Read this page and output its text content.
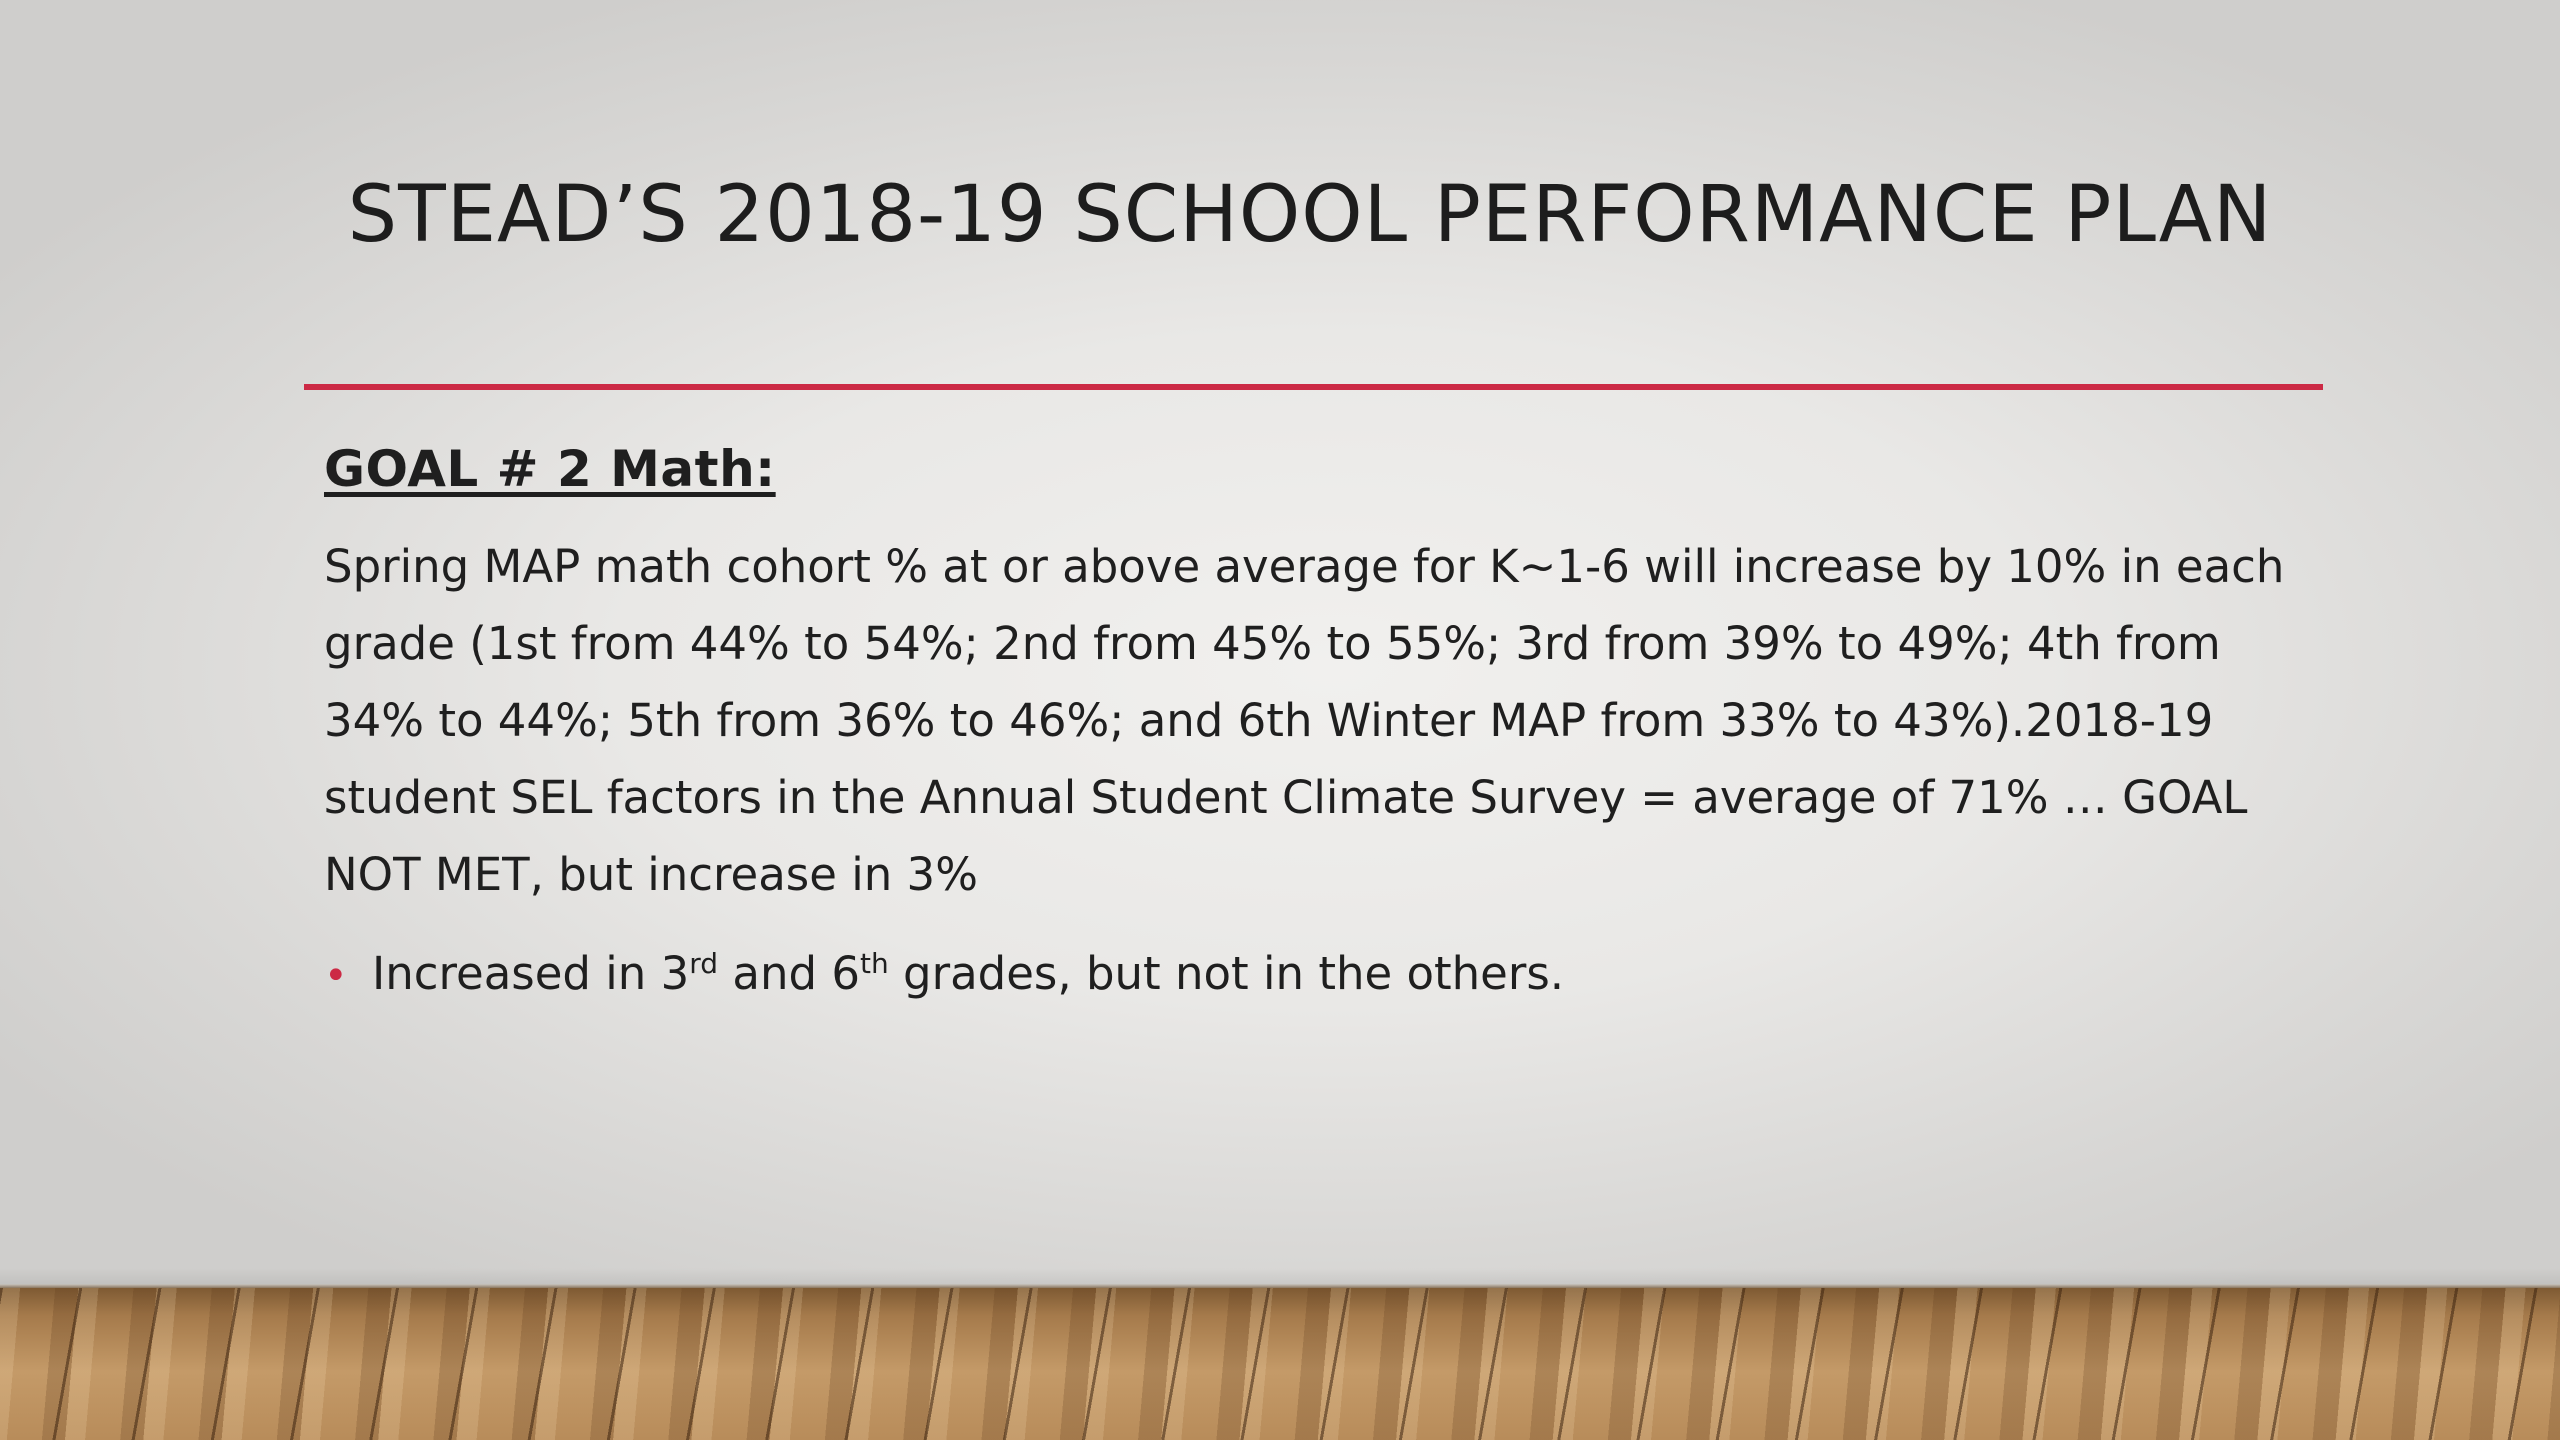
STEAD’S 2018-19 SCHOOL PERFORMANCE PLAN
GOAL # 2 Math:
Spring MAP math cohort % at or above average for K~1-6 will increase by 10% in each grade (1st from 44% to 54%; 2nd from 45% to 55%; 3rd from 39% to 49%; 4th from 34% to 44%; 5th from 36% to 46%; and 6th Winter MAP from 33% to 43%).2018-19 student SEL factors in the Annual Student Climate Survey = average of 71% … GOAL NOT MET, but increase in 3%
• Increased in 3rd and 6th grades, but not in the others.
